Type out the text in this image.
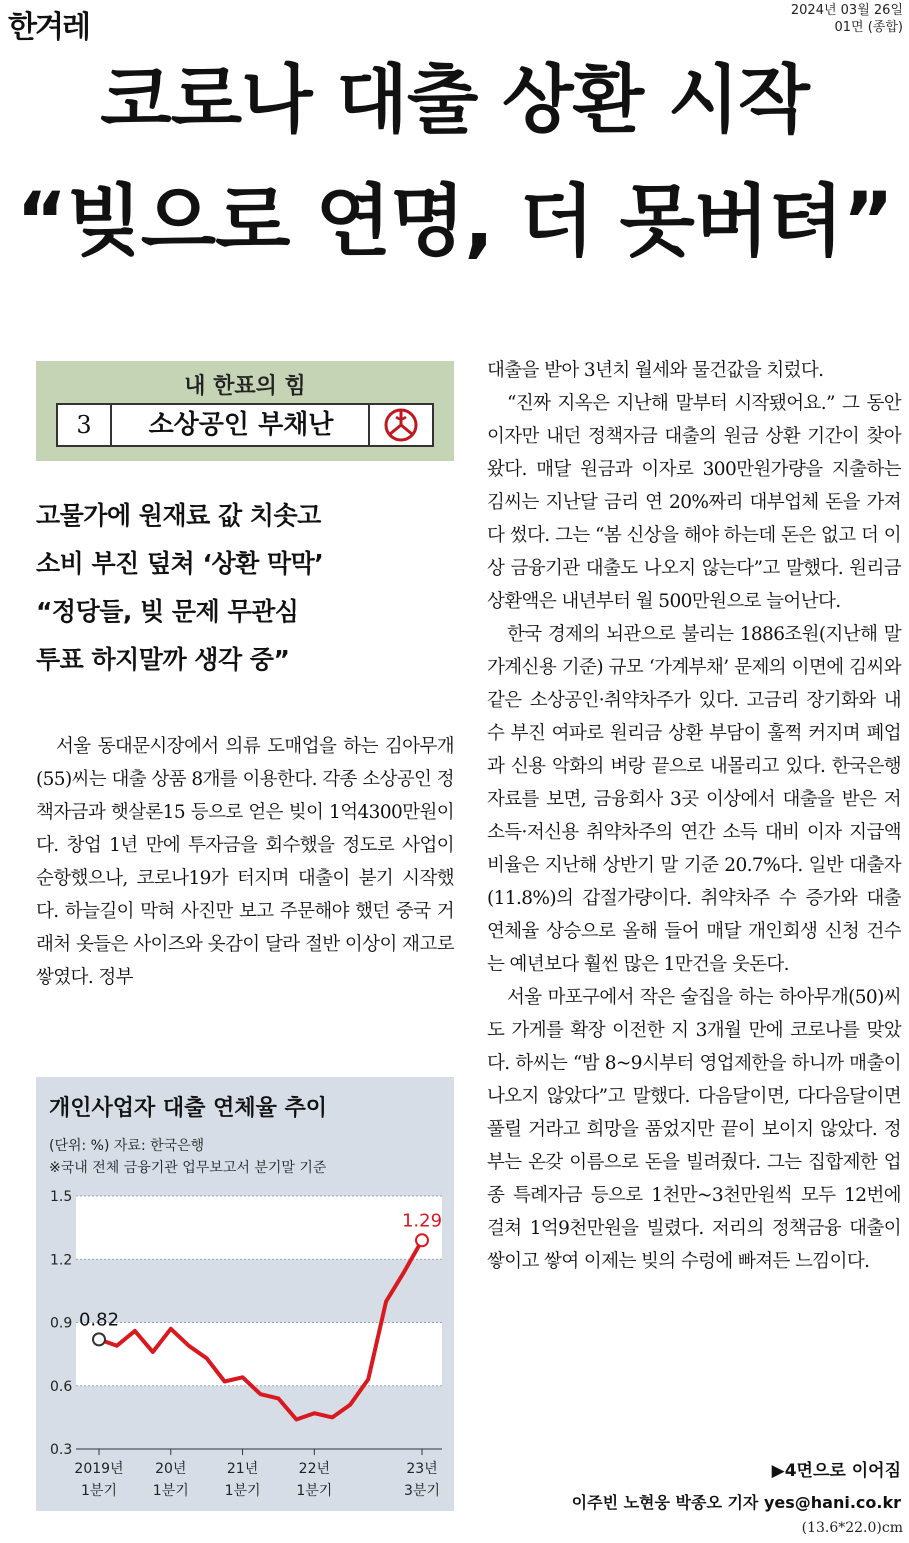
한겨레	2024년 03월 26일
01면 (종합)
코로나 대출 상환 시작
“빚으로 연명, 더 못버텨”
내 한표의 힘
3	소상공인 부채난
고물가에 원재료 값 치솟고
소비 부진 덮쳐 ‘상환 막막’
“정당들, 빚 문제 무관심
투표 하지말까 생각 중”

서울 동대문시장에서 의류 도매업을 하는 김아무개(55)씨는 대출 상품 8개를 이용한다. 각종 소상공인 정책자금과 햇살론15 등으로 얻은 빚이 1억4300만원이다. 창업 1년 만에 투자금을 회수했을 정도로 사업이 순항했으나, 코로나19가 터지며 대출이 붇기 시작했다. 하늘길이 막혀 사진만 보고 주문해야 했던 중국 거래처 옷들은 사이즈와 옷감이 달라 절반 이상이 재고로 쌓였다. 정부

개인사업자 대출 연체율 추이
(단위: %) 자료: 한국은행
※국내 전체 금융기관 업무보고서 분기말 기준
1.5
1.2
0.9
0.6
0.3
2019년
1분기
20년
1분기
21년
1분기
22년
1분기
23년
3분기
0.82
1.29

대출을 받아 3년치 월세와 물건값을 치렀다.

“진짜 지옥은 지난해 말부터 시작됐어요.” 그 동안 이자만 내던 정책자금 대출의 원금 상환 기간이 찾아왔다. 매달 원금과 이자로 300만원가량을 지출하는 김씨는 지난달 금리 연 20%짜리 대부업체 돈을 가져다 썼다. 그는 “봄 신상을 해야 하는데 돈은 없고 더 이상 금융기관 대출도 나오지 않는다”고 말했다. 원리금 상환액은 내년부터 월 500만원으로 늘어난다.

한국 경제의 뇌관으로 불리는 1886조원(지난해 말 가계신용 기준) 규모 ‘가계부채’ 문제의 이면에 김씨와 같은 소상공인·취약차주가 있다. 고금리 장기화와 내수 부진 여파로 원리금 상환 부담이 훌쩍 커지며 폐업과 신용 악화의 벼랑 끝으로 내몰리고 있다. 한국은행 자료를 보면, 금융회사 3곳 이상에서 대출을 받은 저소득·저신용 취약차주의 연간 소득 대비 이자 지급액 비율은 지난해 상반기 말 기준 20.7%다. 일반 대출자(11.8%)의 갑절가량이다. 취약차주 수 증가와 대출 연체율 상승으로 올해 들어 매달 개인회생 신청 건수는 예년보다 훨씬 많은 1만건을 웃돈다.

서울 마포구에서 작은 술집을 하는 하아무개(50)씨도 가게를 확장 이전한 지 3개월 만에 코로나를 맞았다. 하씨는 “밤 8~9시부터 영업제한을 하니까 매출이 나오지 않았다”고 말했다. 다음달이면, 다다음달이면 풀릴 거라고 희망을 품었지만 끝이 보이지 않았다. 정부는 온갖 이름으로 돈을 빌려줬다. 그는 집합제한 업종 특례자금 등으로 1천만~3천만원씩 모두 12번에 걸쳐 1억9천만원을 빌렸다. 저리의 정책금융 대출이 쌓이고 쌓여 이제는 빚의 수렁에 빠져든 느낌이다.

▶4면으로 이어짐
이주빈 노현웅 박종오 기자 yes@hani.co.kr
(13.6*22.0)cm
